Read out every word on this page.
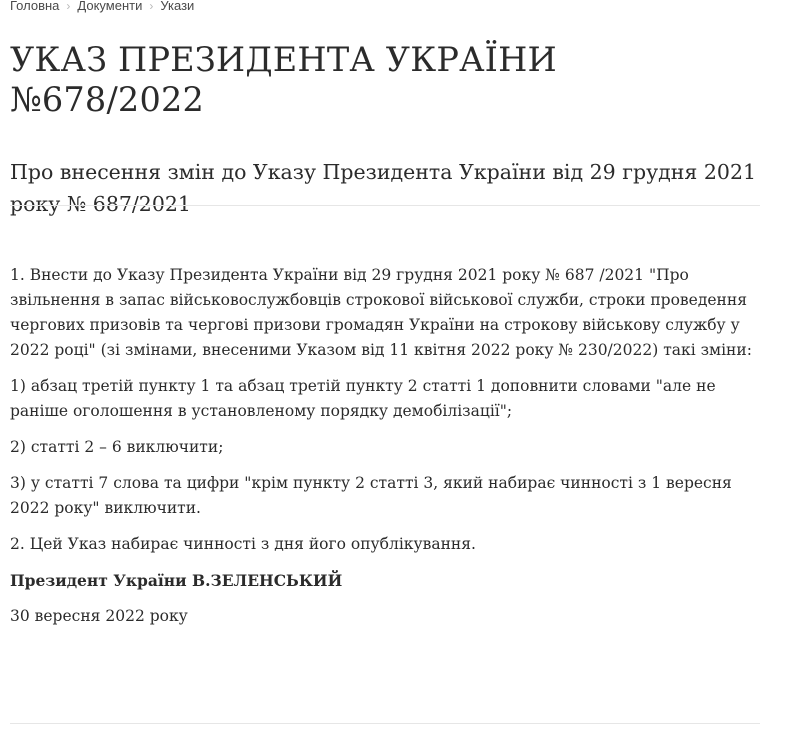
Головна › Документи › Укази
УКАЗ ПРЕЗИДЕНТА УКРАЇНИ №678/2022
Про внесення змін до Указу Президента України від 29 грудня 2021 року № 687/2021

1. Внести до Указу Президента України від 29 грудня 2021 року № 687 /2021 "Про звільнення в запас військовослужбовців строкової військової служби, строки проведення чергових призовів та чергові призови громадян України на строкову військову службу у 2022 році" (зі змінами, внесеними Указом від 11 квітня 2022 року № 230/2022) такі зміни:

1) абзац третій пункту 1 та абзац третій пункту 2 статті 1 доповнити словами "але не раніше оголошення в установленому порядку демобілізації";

2) статті 2 – 6 виключити;

3) у статті 7 слова та цифри "крім пункту 2 статті 3, який набирає чинності з 1 вересня 2022 року" виключити.

2. Цей Указ набирає чинності з дня його опублікування.

Президент України В.ЗЕЛЕНСЬКИЙ

30 вересня 2022 року
